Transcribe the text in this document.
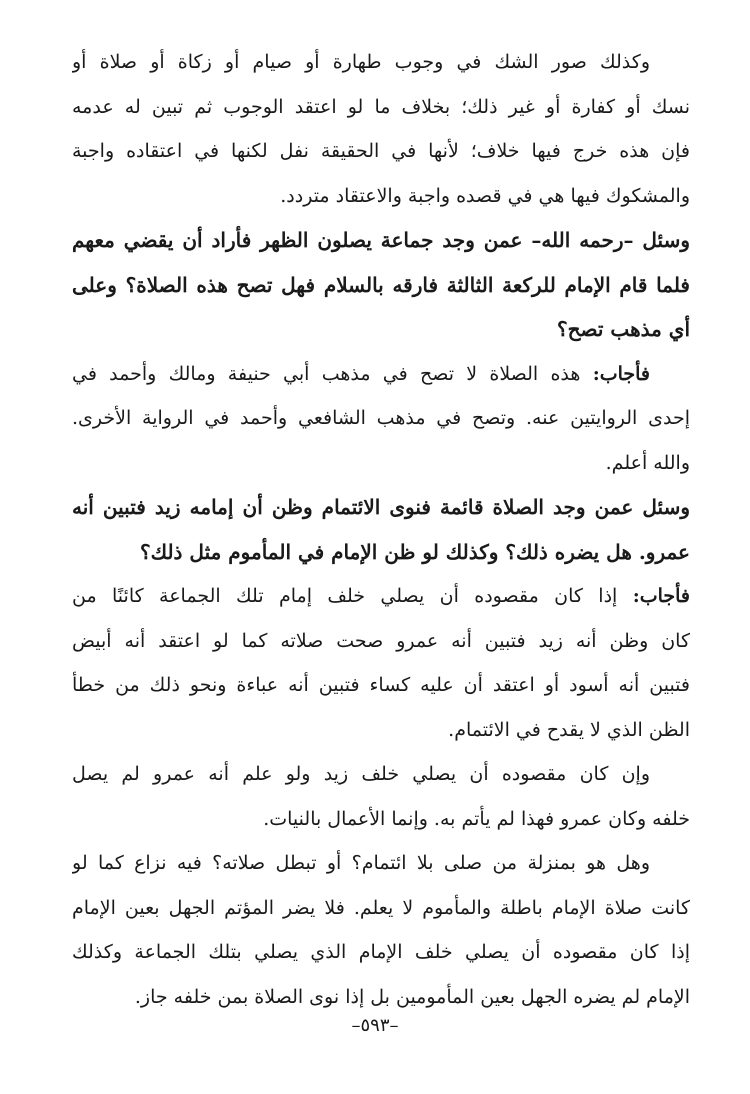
وكذلك صور الشك في وجوب طهارة أو صيام أو زكاة أو صلاة أو
نسك أو كفارة أو غير ذلك؛ بخلاف ما لو اعتقد الوجوب ثم تبين له عدمه
فإن هذه خرج فيها خلاف؛ لأنها في الحقيقة نفل لكنها في اعتقاده واجبة
والمشكوك فيها هي في قصده واجبة والاعتقاد متردد.
وسئل –رحمه الله– عمن وجد جماعة يصلون الظهر فأراد أن يقضي معهم
فلما قام الإمام للركعة الثالثة فارقه بالسلام فهل تصح هذه الصلاة؟ وعلى
أي مذهب تصح؟
فأجاب: هذه الصلاة لا تصح في مذهب أبي حنيفة ومالك وأحمد في
إحدى الروايتين عنه. وتصح في مذهب الشافعي وأحمد في الرواية الأخرى.
والله أعلم.
وسئل عمن وجد الصلاة قائمة فنوى الائتمام وظن أن إمامه زيد فتبين أنه
عمرو. هل يضره ذلك؟ وكذلك لو ظن الإمام في المأموم مثل ذلك؟
فأجاب: إذا كان مقصوده أن يصلي خلف إمام تلك الجماعة كائنًا من
كان وظن أنه زيد فتبين أنه عمرو صحت صلاته كما لو اعتقد أنه أبيض
فتبين أنه أسود أو اعتقد أن عليه كساء فتبين أنه عباءة ونحو ذلك من خطأ
الظن الذي لا يقدح في الائتمام.
وإن كان مقصوده أن يصلي خلف زيد ولو علم أنه عمرو لم يصل
خلفه وكان عمرو فهذا لم يأتم به. وإنما الأعمال بالنيات.
وهل هو بمنزلة من صلى بلا ائتمام؟ أو تبطل صلاته؟ فيه نزاع كما لو
كانت صلاة الإمام باطلة والمأموم لا يعلم. فلا يضر المؤتم الجهل بعين الإمام
إذا كان مقصوده أن يصلي خلف الإمام الذي يصلي بتلك الجماعة وكذلك
الإمام لم يضره الجهل بعين المأمومين بل إذا نوى الصلاة بمن خلفه جاز.
–٥٩٣–
